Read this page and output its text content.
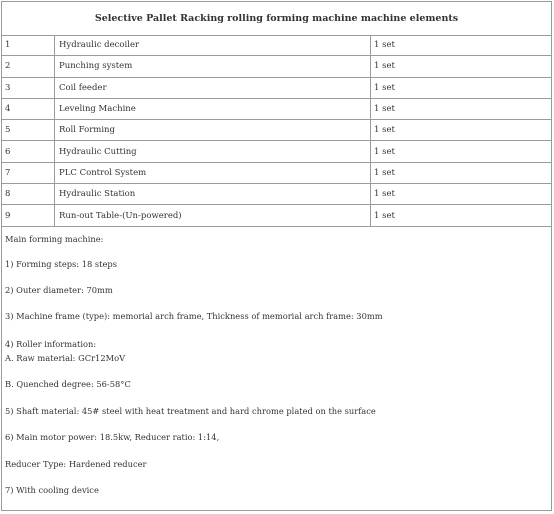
Selective Pallet Racking rolling forming machine machine elements
1	Hydraulic decoiler	1 set
2	Punching system	1 set
3	Coil feeder	1 set
4	Leveling Machine	1 set
5	Roll Forming	1 set
6	Hydraulic Cutting	1 set
7	PLC Control System	1 set
8	Hydraulic Station	1 set
9	Run-out Table-(Un-powered)	1 set
Main forming machine:
1) Forming steps: 18 steps
2) Outer diameter: 70mm
3) Machine frame (type): memorial arch frame, Thickness of memorial arch frame: 30mm
4) Roller information:
A. Raw material: GCr12MoV
B. Quenched degree: 56-58°C
5) Shaft material: 45# steel with heat treatment and hard chrome plated on the surface
6) Main motor power: 18.5kw, Reducer ratio: 1:14,
Reducer Type: Hardened reducer
7) With cooling device
